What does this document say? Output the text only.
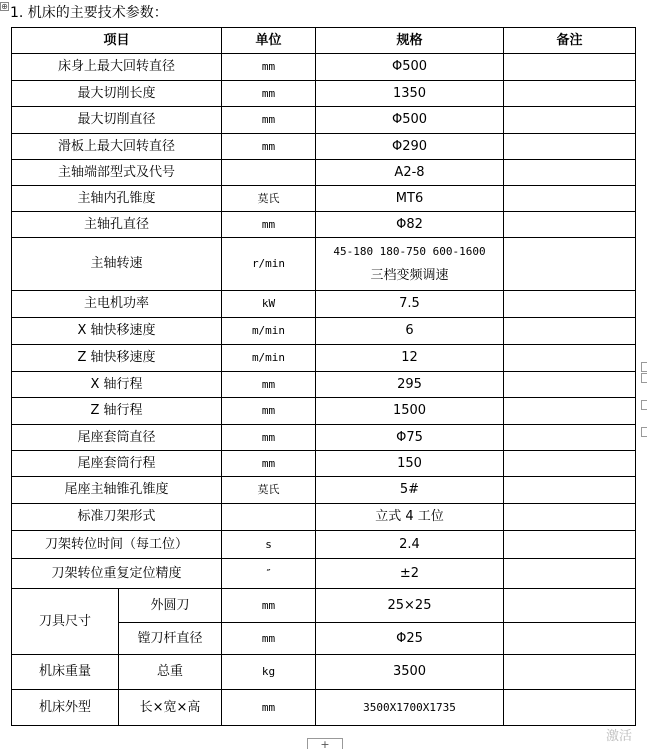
⊕ 1. 机床的主要技术参数：
项目		单位	规格	备注
床身上最大回转直径		mm	Φ500	
最大切削长度		mm	1350	
最大切削直径		mm	Φ500	
滑板上最大回转直径		mm	Φ290	
主轴端部型式及代号			A2-8	
主轴内孔锥度		莫氏	MT6	
主轴孔直径		mm	Φ82	
主轴转速		r/min	45-180 180-750 600-1600
三档变频调速	

主电机功率		kW	7.5	
X 轴快移速度		m/min	6	
Z 轴快移速度		m/min	12	
X 轴行程		mm	295	
Z 轴行程		mm	1500	
尾座套筒直径		mm	Φ75	
尾座套筒行程		mm	150	
尾座主轴锥孔锥度		莫氏	5#	
标准刀架形式			立式 4 工位	
刀架转位时间（每工位）		s	2.4	
刀架转位重复定位精度		″	±2	
刀具尺寸	外圆刀	mm	25×25	
	镗刀杆直径	mm	Φ25	
机床重量	总重	kg	3500	
机床外型	长×宽×高	mm	3500X1700X1735	
+
激活
